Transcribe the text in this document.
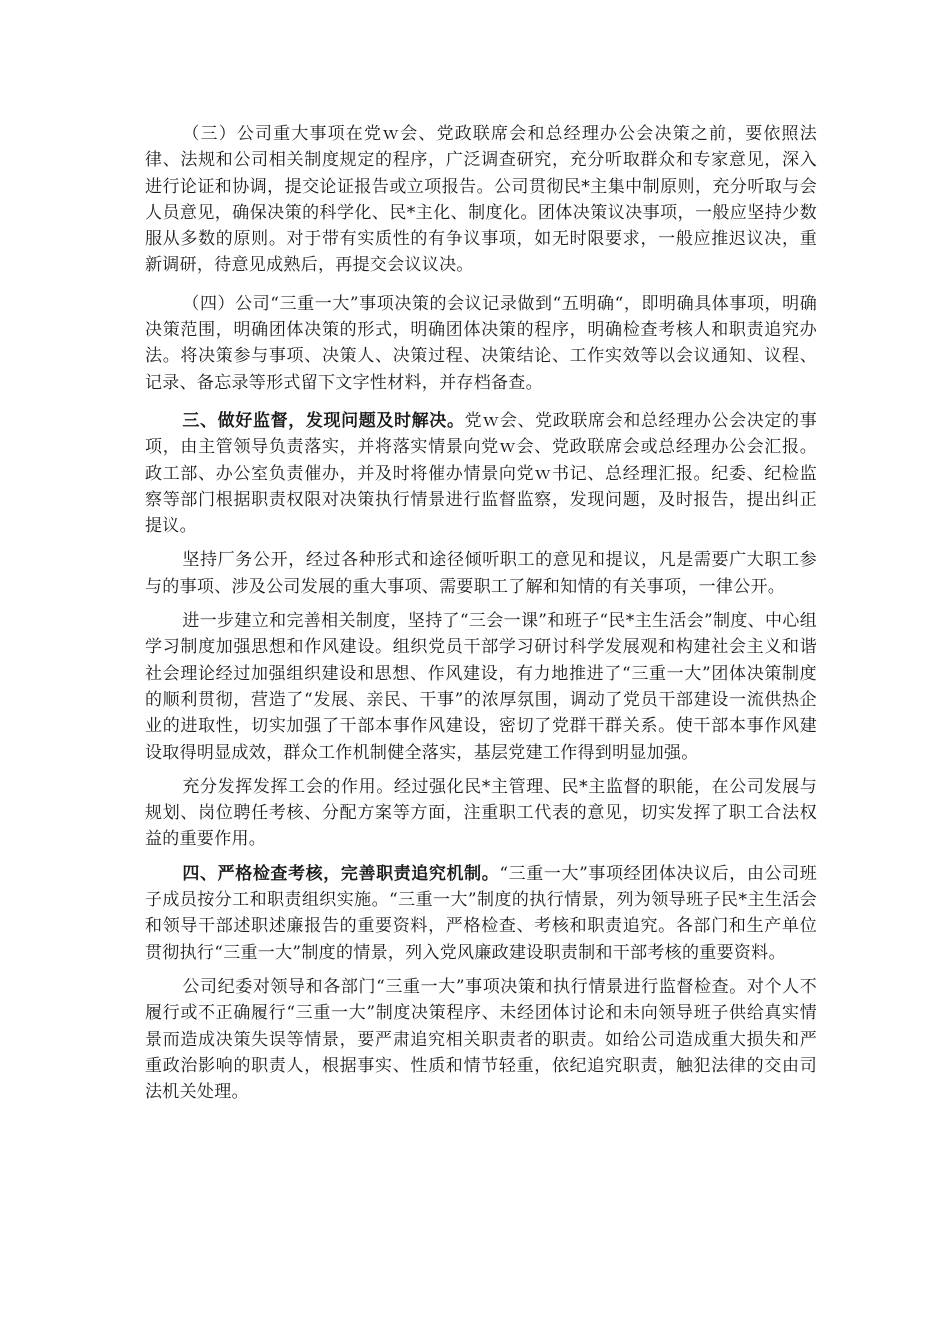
（三）公司重大事项在党ｗ会、党政联席会和总经理办公会决策之前，要依照法律、法规和公司相关制度规定的程序，广泛调查研究，充分听取群众和专家意见，深入进行论证和协调，提交论证报告或立项报告。公司贯彻民*主集中制原则，充分听取与会人员意见，确保决策的科学化、民*主化、制度化。团体决策议决事项，一般应坚持少数服从多数的原则。对于带有实质性的有争议事项，如无时限要求，一般应推迟议决，重新调研，待意见成熟后，再提交会议议决。

（四）公司“三重一大”事项决策的会议记录做到“五明确“，即明确具体事项，明确决策范围，明确团体决策的形式，明确团体决策的程序，明确检查考核人和职责追究办法。将决策参与事项、决策人、决策过程、决策结论、工作实效等以会议通知、议程、记录、备忘录等形式留下文字性材料，并存档备查。

三、做好监督，发现问题及时解决。党ｗ会、党政联席会和总经理办公会决定的事项，由主管领导负责落实，并将落实情景向党ｗ会、党政联席会或总经理办公会汇报。政工部、办公室负责催办，并及时将催办情景向党ｗ书记、总经理汇报。纪委、纪检监察等部门根据职责权限对决策执行情景进行监督监察，发现问题，及时报告，提出纠正提议。

坚持厂务公开，经过各种形式和途径倾听职工的意见和提议，凡是需要广大职工参与的事项、涉及公司发展的重大事项、需要职工了解和知情的有关事项，一律公开。

进一步建立和完善相关制度，坚持了“三会一课”和班子“民*主生活会”制度、中心组学习制度加强思想和作风建设。组织党员干部学习研讨科学发展观和构建社会主义和谐社会理论经过加强组织建设和思想、作风建设，有力地推进了“三重一大”团体决策制度的顺利贯彻，营造了“发展、亲民、干事”的浓厚氛围，调动了党员干部建设一流供热企业的进取性，切实加强了干部本事作风建设，密切了党群干群关系。使干部本事作风建设取得明显成效，群众工作机制健全落实，基层党建工作得到明显加强。

充分发挥发挥工会的作用。经过强化民*主管理、民*主监督的职能，在公司发展与规划、岗位聘任考核、分配方案等方面，注重职工代表的意见，切实发挥了职工合法权益的重要作用。

四、严格检查考核，完善职责追究机制。“三重一大”事项经团体决议后，由公司班子成员按分工和职责组织实施。“三重一大”制度的执行情景，列为领导班子民*主生活会和领导干部述职述廉报告的重要资料，严格检查、考核和职责追究。各部门和生产单位贯彻执行“三重一大”制度的情景，列入党风廉政建设职责制和干部考核的重要资料。

公司纪委对领导和各部门“三重一大”事项决策和执行情景进行监督检查。对个人不履行或不正确履行“三重一大”制度决策程序、未经团体讨论和未向领导班子供给真实情景而造成决策失误等情景，要严肃追究相关职责者的职责。如给公司造成重大损失和严重政治影响的职责人，根据事实、性质和情节轻重，依纪追究职责，触犯法律的交由司法机关处理。
